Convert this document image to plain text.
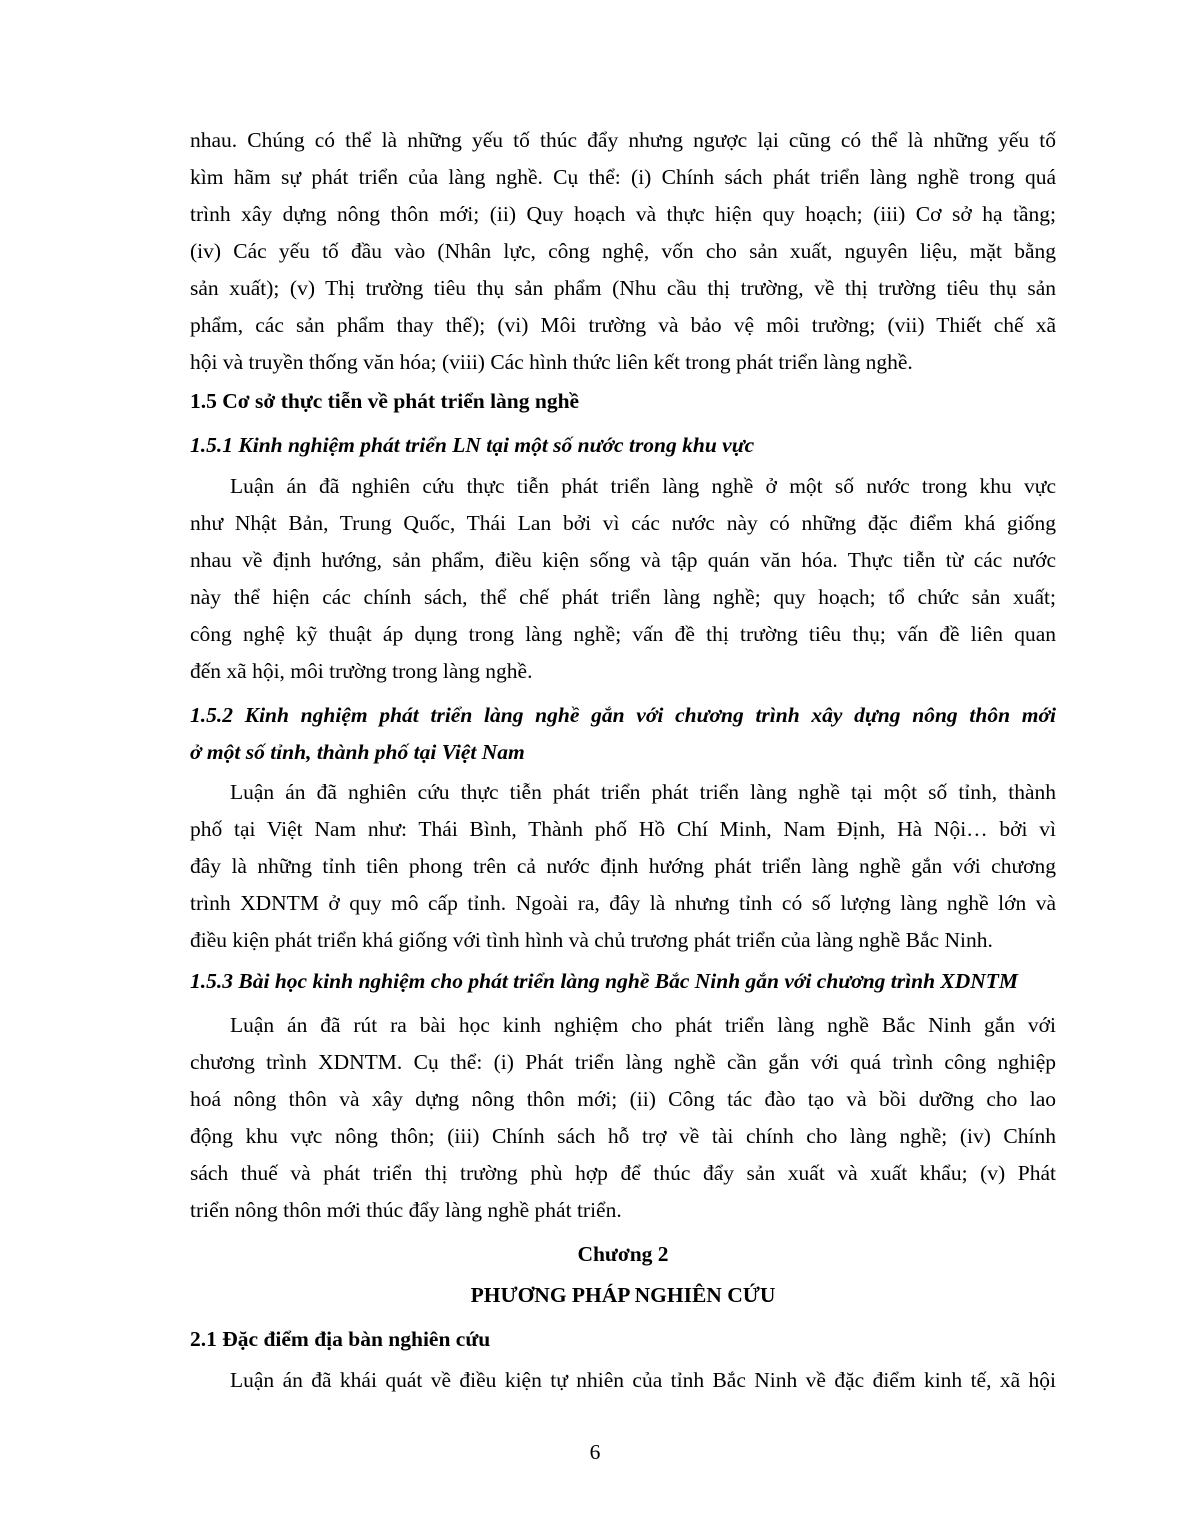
nhau. Chúng có thể là những yếu tố thúc đẩy nhưng ngược lại cũng có thể là những yếu tố
kìm hãm sự phát triển của làng nghề. Cụ thể: (i) Chính sách phát triển làng nghề trong quá
trình xây dựng nông thôn mới; (ii) Quy hoạch và thực hiện quy hoạch; (iii) Cơ sở hạ tầng;
(iv) Các yếu tố đầu vào (Nhân lực, công nghệ, vốn cho sản xuất, nguyên liệu, mặt bằng
sản xuất); (v) Thị trường tiêu thụ sản phẩm (Nhu cầu thị trường, về thị trường tiêu thụ sản
phẩm, các sản phẩm thay thế); (vi) Môi trường và bảo vệ môi trường; (vii) Thiết chế xã
hội và truyền thống văn hóa; (viii) Các hình thức liên kết trong phát triển làng nghề.
1.5 Cơ sở thực tiễn về phát triển làng nghề
1.5.1 Kinh nghiệm phát triển LN tại một số nước trong khu vực
Luận án đã nghiên cứu thực tiễn phát triển làng nghề ở một số nước trong khu vực
như Nhật Bản, Trung Quốc, Thái Lan bởi vì các nước này có những đặc điểm khá giống
nhau về định hướng, sản phẩm, điều kiện sống và tập quán văn hóa. Thực tiễn từ các nước
này thể hiện các chính sách, thể chế phát triển làng nghề; quy hoạch; tổ chức sản xuất;
công nghệ kỹ thuật áp dụng trong làng nghề; vấn đề thị trường tiêu thụ; vấn đề liên quan
đến xã hội, môi trường trong làng nghề.
1.5.2 Kinh nghiệm phát triển làng nghề gắn với chương trình xây dựng nông thôn mới
ở một số tỉnh, thành phố tại Việt Nam
Luận án đã nghiên cứu thực tiễn phát triển phát triển làng nghề tại một số tỉnh, thành
phố tại Việt Nam như: Thái Bình, Thành phố Hồ Chí Minh, Nam Định, Hà Nội… bởi vì
đây là những tỉnh tiên phong trên cả nước định hướng phát triển làng nghề gắn với chương
trình XDNTM ở quy mô cấp tỉnh. Ngoài ra, đây là nhưng tỉnh có số lượng làng nghề lớn và
điều kiện phát triển khá giống với tình hình và chủ trương phát triển của làng nghề Bắc Ninh.
1.5.3 Bài học kinh nghiệm cho phát triển làng nghề Bắc Ninh gắn với chương trình XDNTM
Luận án đã rút ra bài học kinh nghiệm cho phát triển làng nghề Bắc Ninh gắn với
chương trình XDNTM. Cụ thể: (i) Phát triển làng nghề cần gắn với quá trình công nghiệp
hoá nông thôn và xây dựng nông thôn mới; (ii) Công tác đào tạo và bồi dưỡng cho lao
động khu vực nông thôn; (iii) Chính sách hỗ trợ về tài chính cho làng nghề; (iv) Chính
sách thuế và phát triển thị trường phù hợp để thúc đẩy sản xuất và xuất khẩu; (v) Phát
triển nông thôn mới thúc đẩy làng nghề phát triển.
Chương 2
PHƯƠNG PHÁP NGHIÊN CỨU
2.1 Đặc điểm địa bàn nghiên cứu
Luận án đã khái quát về điều kiện tự nhiên của tỉnh Bắc Ninh về đặc điểm kinh tế, xã hội
6
